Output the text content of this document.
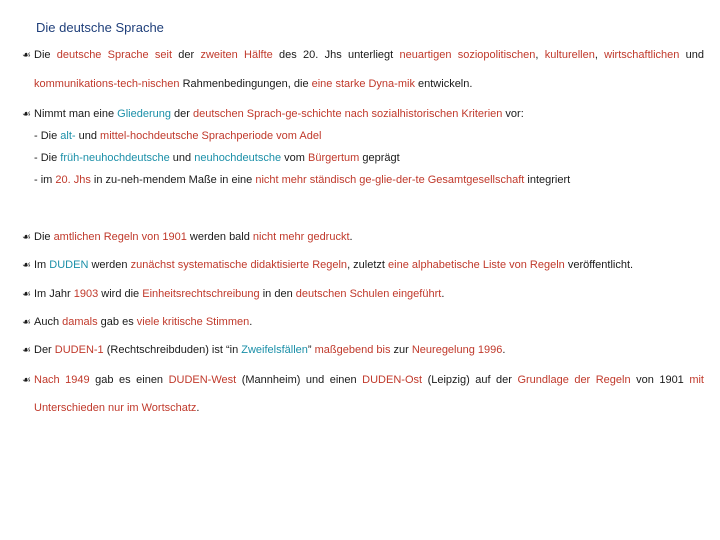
Die deutsche Sprache
☙ Die deutsche Sprache seit der zweiten Hälfte des 20. Jhs unterliegt neuartigen soziopolitischen, kulturellen, wirtschaftlichen und
kommunikations-tech-nischen Rahmenbedingungen, die eine starke Dyna-mik entwickeln.
☙ Nimmt man eine Gliederung der deutschen Sprach-ge-schichte nach sozialhistorischen Kriterien vor:
- Die alt- und mittel-hochdeutsche Sprachperiode vom Adel
- Die früh-neuhochdeutsche und neuhochdeutsche vom Bürgertum geprägt
- im 20. Jhs in zu-neh-mendem Maße in eine nicht mehr ständisch ge-glie-der-te Gesamtgesellschaft integriert
☙ Die amtlichen Regeln von 1901 werden bald nicht mehr gedruckt.
☙ Im DUDEN werden zunächst systematische didaktisierte Regeln, zuletzt eine alphabetische Liste von Regeln veröffentlicht.
☙ Im Jahr 1903 wird die Einheitsrechtschreibung in den deutschen Schulen eingeführt.
☙ Auch damals gab es viele kritische Stimmen.
☙ Der DUDEN-1 (Rechtschreibduden) ist “in Zweifelsfällen” maßgebend bis zur Neuregelung 1996.
☙ Nach 1949 gab es einen DUDEN-West (Mannheim) und einen DUDEN-Ost (Leipzig) auf der Grundlage der Regeln von 1901 mit
Unterschieden nur im Wortschatz.
